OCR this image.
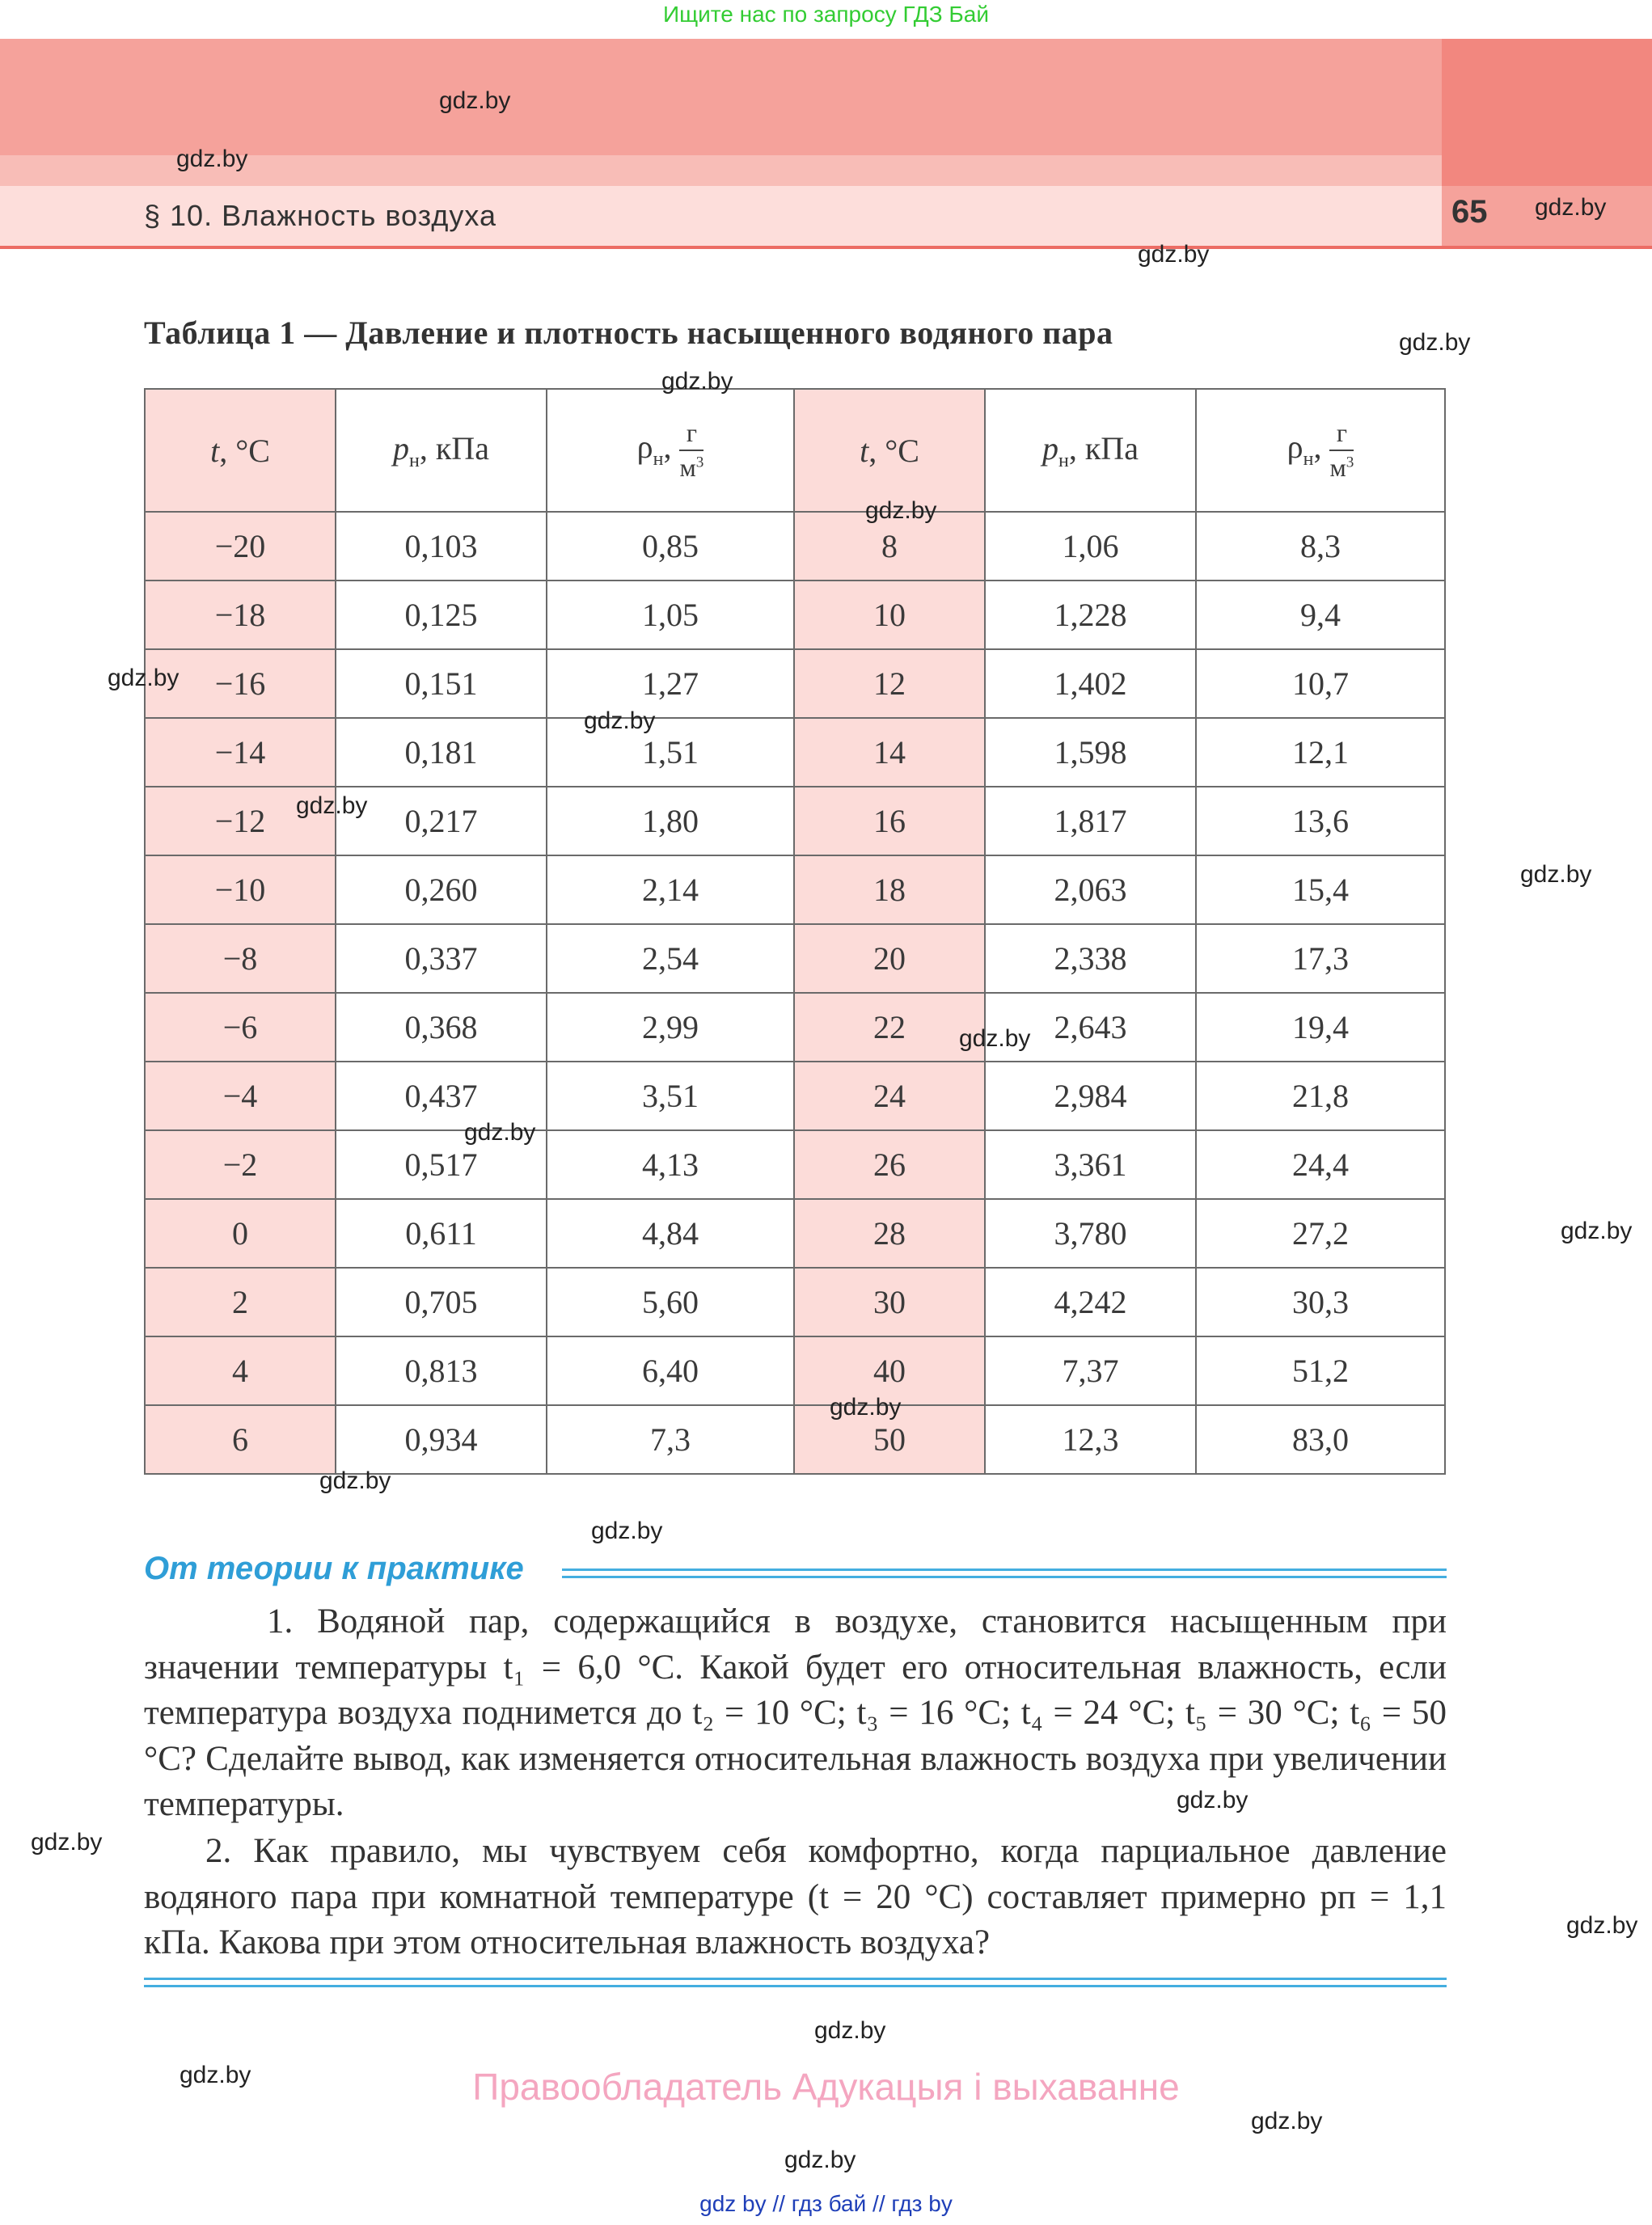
Ищите нас по запросу ГДЗ Бай
§ 10. Влажность воздуха	65
Таблица 1 — Давление и плотность насыщенного водяного пара
t, °C	$p_н$, кПа	$\rho_н$, $\frac{г}{м^3}$	t, °C	$p_н$, кПа	$\rho_н$, $\frac{г}{м^3}$

−20	0,103	0,85	8	1,06	8,3
−18	0,125	1,05	10	1,228	9,4
−16	0,151	1,27	12	1,402	10,7
−14	0,181	1,51	14	1,598	12,1
−12	0,217	1,80	16	1,817	13,6
−10	0,260	2,14	18	2,063	15,4
−8	0,337	2,54	20	2,338	17,3
−6	0,368	2,99	22	2,643	19,4
−4	0,437	3,51	24	2,984	21,8
−2	0,517	4,13	26	3,361	24,4
0	0,611	4,84	28	3,780	27,2
2	0,705	5,60	30	4,242	30,3
4	0,813	6,40	40	7,37	51,2
6	0,934	7,3	50	12,3	83,0
От теории к практике
1. Водяной пар, содержащийся в воздухе, становится насыщенным при значении температуры t₁ = 6,0 °С. Какой будет его относительная влажность, если температура воздуха поднимется до t₂ = 10 °С; t₃ = 16 °С; t₄ = 24 °С; t₅ = 30 °С; t₆ = 50 °С? Сделайте вывод, как изменяется относительная влажность воздуха при увеличении температуры.
2. Как правило, мы чувствуем себя комфортно, когда парциальное давление водяного пара при комнатной температуре (t = 20 °С) составляет примерно pп = 1,1 кПа. Какова при этом относительная влажность воздуха?
Правообладатель Адукацыя і выхаванне
gdz.by
gdz.by
gdz.by
gdz.by
gdz.by
gdz.by
gdz.by
gdz.by
gdz.by
gdz.by
gdz.by
gdz.by
gdz.by
gdz.by
gdz.by
gdz.by
gdz.by
gdz.by
gdz.by
gdz.by
gdz.by
gdz.by
gdz.by
gdz.by
gdz by // гдз бай // гдз by
